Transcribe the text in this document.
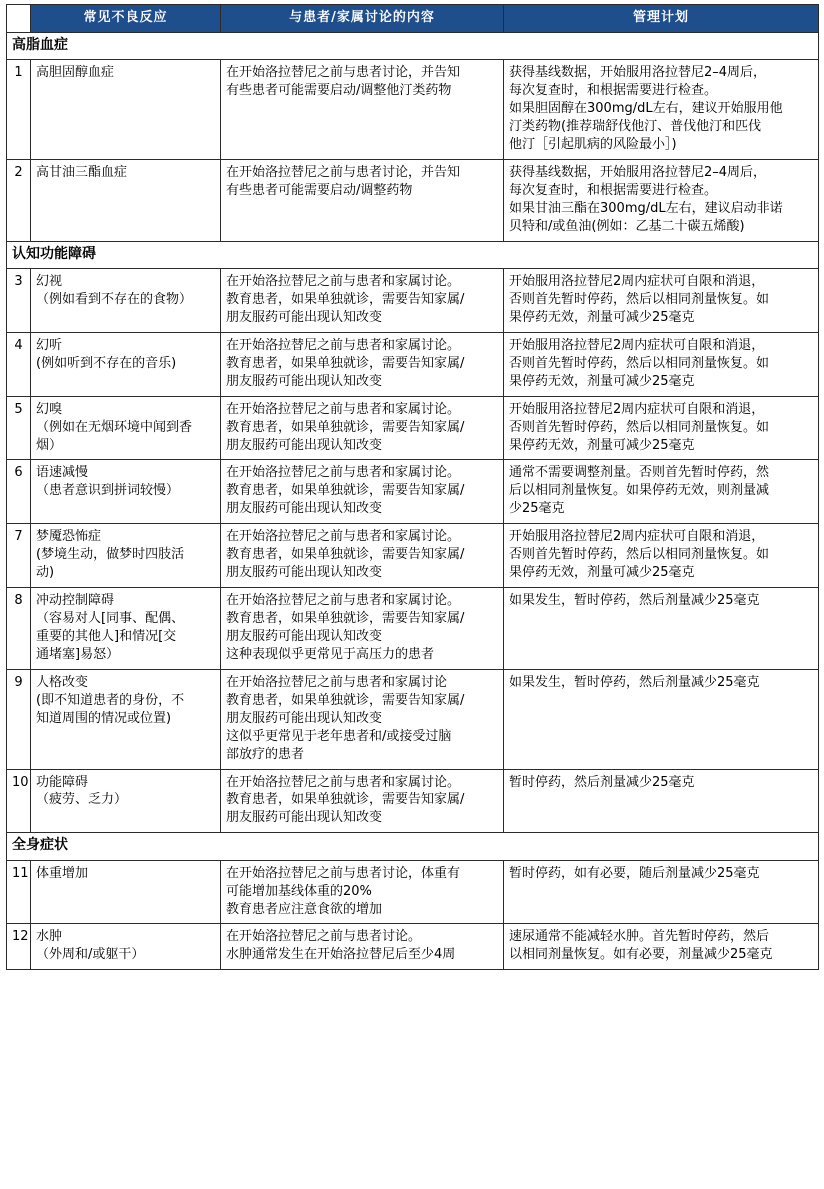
	常见不良反应	与患者/家属讨论的内容	管理计划
高脂血症			
1	高胆固醇血症	在开始洛拉替尼之前与患者讨论，并告知
有些患者可能需要启动/调整他汀类药物	获得基线数据，开始服用洛拉替尼2–4周后，
每次复查时，和根据需要进行检查。
如果胆固醇在300mg/dL左右，建议开始服用他
汀类药物(推荐瑞舒伐他汀、普伐他汀和匹伐
他汀［引起肌病的风险最小］)

2	高甘油三酯血症	在开始洛拉替尼之前与患者讨论，并告知
有些患者可能需要启动/调整药物	获得基线数据，开始服用洛拉替尼2–4周后，
每次复查时，和根据需要进行检查。
如果甘油三酯在300mg/dL左右，建议启动非诺
贝特和/或鱼油(例如：乙基二十碳五烯酸)

认知功能障碍			
3	幻视
（例如看到不存在的食物）	在开始洛拉替尼之前与患者和家属讨论。
教育患者，如果单独就诊，需要告知家属/
朋友服药可能出现认知改变	开始服用洛拉替尼2周内症状可自限和消退，
否则首先暂时停药，然后以相同剂量恢复。如
果停药无效，剂量可减少25毫克

4	幻听
(例如听到不存在的音乐)	在开始洛拉替尼之前与患者和家属讨论。
教育患者，如果单独就诊，需要告知家属/
朋友服药可能出现认知改变	开始服用洛拉替尼2周内症状可自限和消退，
否则首先暂时停药，然后以相同剂量恢复。如
果停药无效，剂量可减少25毫克

5	幻嗅
（例如在无烟环境中闻到香
烟）	在开始洛拉替尼之前与患者和家属讨论。
教育患者，如果单独就诊，需要告知家属/
朋友服药可能出现认知改变	开始服用洛拉替尼2周内症状可自限和消退，
否则首先暂时停药，然后以相同剂量恢复。如
果停药无效，剂量可减少25毫克

6	语速减慢
（患者意识到拼词较慢）	在开始洛拉替尼之前与患者和家属讨论。
教育患者，如果单独就诊，需要告知家属/
朋友服药可能出现认知改变	通常不需要调整剂量。否则首先暂时停药，然
后以相同剂量恢复。如果停药无效，则剂量减
少25毫克

7	梦魇恐怖症
(梦境生动，做梦时四肢活
动)	在开始洛拉替尼之前与患者和家属讨论。
教育患者，如果单独就诊，需要告知家属/
朋友服药可能出现认知改变	开始服用洛拉替尼2周内症状可自限和消退，
否则首先暂时停药，然后以相同剂量恢复。如
果停药无效，剂量可减少25毫克

8	冲动控制障碍
（容易对人[同事、配偶、
重要的其他人]和情况[交
通堵塞]易怒）	在开始洛拉替尼之前与患者和家属讨论。
教育患者，如果单独就诊，需要告知家属/
朋友服药可能出现认知改变
这种表现似乎更常见于高压力的患者	如果发生，暂时停药，然后剂量减少25毫克

9	人格改变
(即不知道患者的身份，不
知道周围的情况或位置)	在开始洛拉替尼之前与患者和家属讨论
教育患者，如果单独就诊，需要告知家属/
朋友服药可能出现认知改变
这似乎更常见于老年患者和/或接受过脑
部放疗的患者	如果发生，暂时停药，然后剂量减少25毫克

10	功能障碍
（疲劳、乏力）	在开始洛拉替尼之前与患者和家属讨论。
教育患者，如果单独就诊，需要告知家属/
朋友服药可能出现认知改变	暂时停药，然后剂量减少25毫克

全身症状			
11	体重增加	在开始洛拉替尼之前与患者讨论，体重有
可能增加基线体重的20%
教育患者应注意食欲的增加	暂时停药，如有必要，随后剂量减少25毫克

12	水肿
（外周和/或躯干）	在开始洛拉替尼之前与患者讨论。
水肿通常发生在开始洛拉替尼后至少4周	速尿通常不能减轻水肿。首先暂时停药，然后
以相同剂量恢复。如有必要，剂量减少25毫克
